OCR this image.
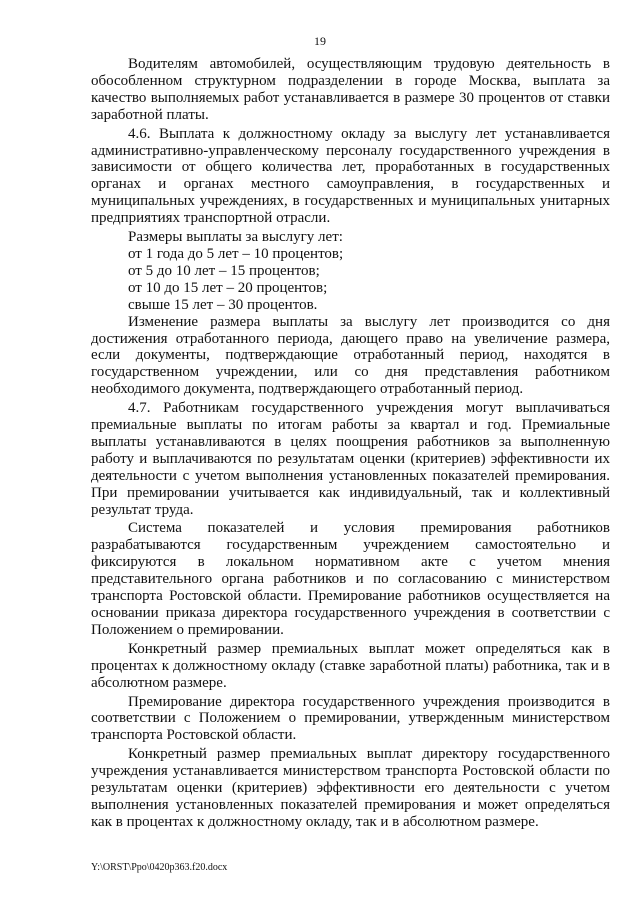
19

Водителям автомобилей, осуществляющим трудовую деятельность в обособленном структурном подразделении в городе Москва, выплата за качество выполняемых работ устанавливается в размере 30 процентов от ставки заработной платы.

4.6. Выплата к должностному окладу за выслугу лет устанавливается административно-управленческому персоналу государственного учреждения в зависимости от общего количества лет, проработанных в государственных органах и органах местного самоуправления, в государственных и муниципальных учреждениях, в государственных и муниципальных унитарных предприятиях транспортной отрасли.

Размеры выплаты за выслугу лет:

от 1 года до 5 лет – 10 процентов;

от 5 до 10 лет – 15 процентов;

от 10 до 15 лет – 20 процентов;

свыше 15 лет – 30 процентов.

Изменение размера выплаты за выслугу лет производится со дня достижения отработанного периода, дающего право на увеличение размера, если документы, подтверждающие отработанный период, находятся в государственном учреждении, или со дня представления работником необходимого документа, подтверждающего отработанный период.

4.7. Работникам государственного учреждения могут выплачиваться премиальные выплаты по итогам работы за квартал и год. Премиальные выплаты устанавливаются в целях поощрения работников за выполненную работу и выплачиваются по результатам оценки (критериев) эффективности их деятельности с учетом выполнения установленных показателей премирования. При премировании учитывается как индивидуальный, так и коллективный результат труда.

Система показателей и условия премирования работников разрабатываются государственным учреждением самостоятельно и фиксируются в локальном нормативном акте с учетом мнения представительного органа работников и по согласованию с министерством транспорта Ростовской области. Премирование работников осуществляется на основании приказа директора государственного учреждения в соответствии с Положением о премировании.

Конкретный размер премиальных выплат может определяться как в процентах к должностному окладу (ставке заработной платы) работника, так и в абсолютном размере.

Премирование директора государственного учреждения производится в соответствии с Положением о премировании, утвержденным министерством транспорта Ростовской области.

Конкретный размер премиальных выплат директору государственного учреждения устанавливается министерством транспорта Ростовской области по результатам оценки (критериев) эффективности его деятельности с учетом выполнения установленных показателей премирования и может определяться как в процентах к должностному окладу, так и в абсолютном размере.

Y:\ORST\Ppo\0420p363.f20.docx
